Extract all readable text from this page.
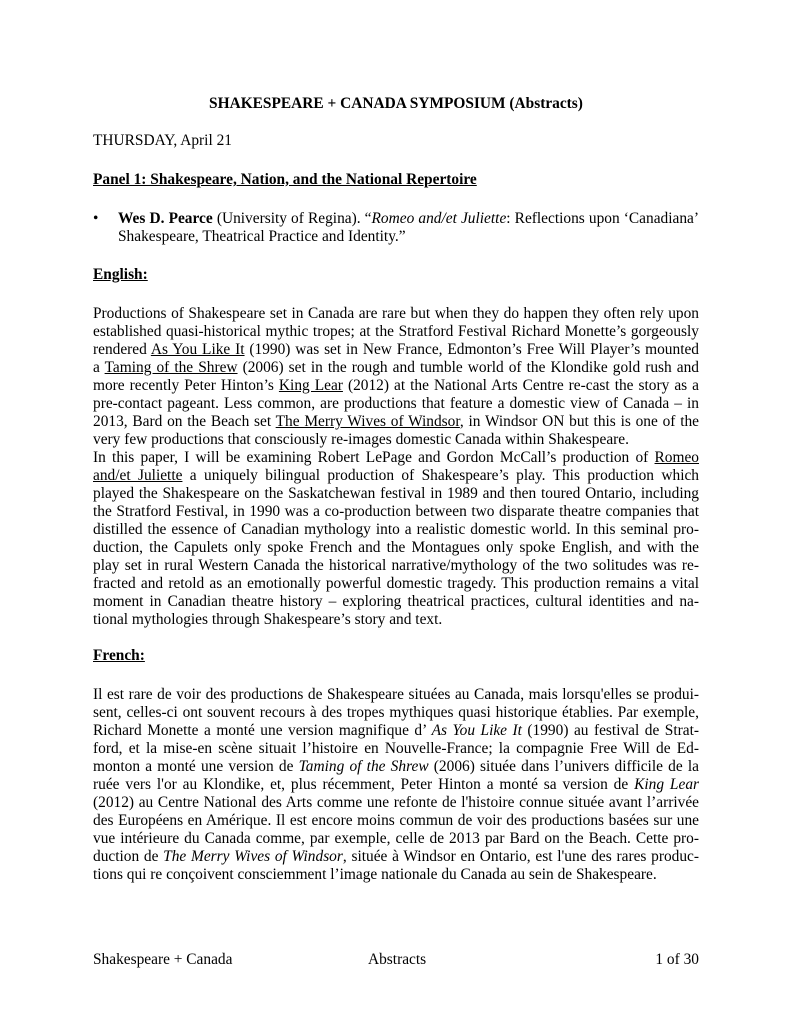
SHAKESPEARE + CANADA SYMPOSIUM (Abstracts)
THURSDAY, April 21
Panel 1: Shakespeare, Nation, and the National Repertoire
• Wes D. Pearce (University of Regina). “Romeo and/et Juliette: Reflections upon ‘Canadiana’
Shakespeare, Theatrical Practice and Identity.”
English:
Productions of Shakespeare set in Canada are rare but when they do happen they often rely upon
established quasi-historical mythic tropes; at the Stratford Festival Richard Monette’s gorgeously
rendered As You Like It (1990) was set in New France, Edmonton’s Free Will Player’s mounted
a Taming of the Shrew (2006) set in the rough and tumble world of the Klondike gold rush and
more recently Peter Hinton’s King Lear (2012) at the National Arts Centre re-cast the story as a
pre-contact pageant. Less common, are productions that feature a domestic view of Canada – in
2013, Bard on the Beach set The Merry Wives of Windsor, in Windsor ON but this is one of the
very few productions that consciously re-images domestic Canada within Shakespeare.
In this paper, I will be examining Robert LePage and Gordon McCall’s production of Romeo
and/et Juliette a uniquely bilingual production of Shakespeare’s play. This production which
played the Shakespeare on the Saskatchewan festival in 1989 and then toured Ontario, including
the Stratford Festival, in 1990 was a co-production between two disparate theatre companies that
distilled the essence of Canadian mythology into a realistic domestic world. In this seminal pro-
duction, the Capulets only spoke French and the Montagues only spoke English, and with the
play set in rural Western Canada the historical narrative/mythology of the two solitudes was re-
fracted and retold as an emotionally powerful domestic tragedy. This production remains a vital
moment in Canadian theatre history – exploring theatrical practices, cultural identities and na-
tional mythologies through Shakespeare’s story and text.
French:
Il est rare de voir des productions de Shakespeare situées au Canada, mais lorsqu'elles se produi-
sent, celles-ci ont souvent recours à des tropes mythiques quasi historique établies. Par exemple,
Richard Monette a monté une version magnifique d’ As You Like It (1990) au festival de Strat-
ford, et la mise-en scène situait l’histoire en Nouvelle-France; la compagnie Free Will de Ed-
monton a monté une version de Taming of the Shrew (2006) située dans l’univers difficile de la
ruée vers l'or au Klondike, et, plus récemment, Peter Hinton a monté sa version de King Lear
(2012) au Centre National des Arts comme une refonte de l'histoire connue située avant l’arrivée
des Européens en Amérique. Il est encore moins commun de voir des productions basées sur une
vue intérieure du Canada comme, par exemple, celle de 2013 par Bard on the Beach. Cette pro-
duction de The Merry Wives of Windsor, située à Windsor en Ontario, est l'une des rares produc-
tions qui re conçoivent consciemment l’image nationale du Canada au sein de Shakespeare.
Shakespeare + Canada	Abstracts	1 of 30
